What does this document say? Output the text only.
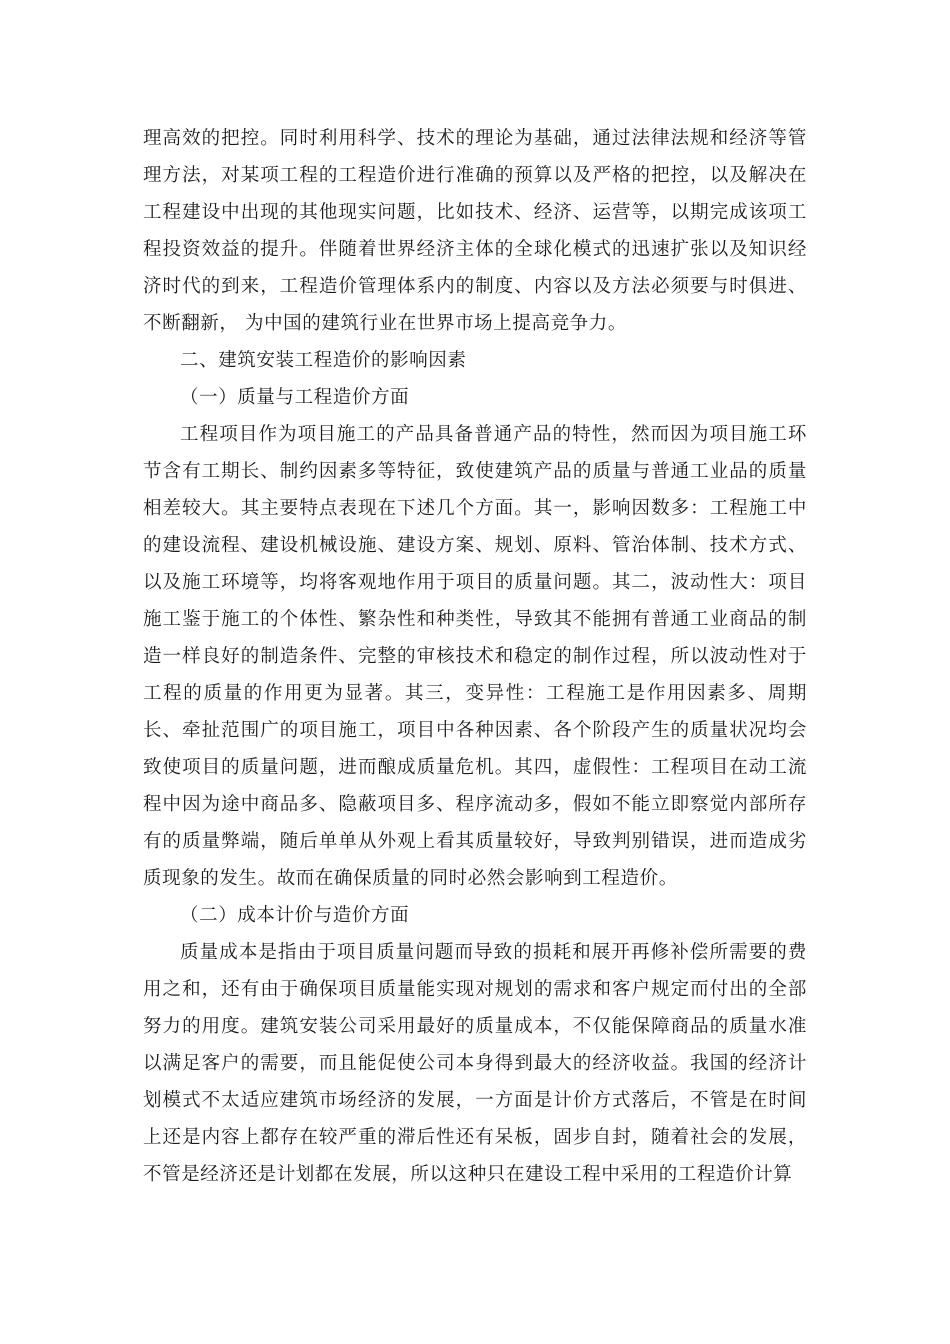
理高效的把控。同时利用科学、技术的理论为基础，通过法律法规和经济等管理方法，对某项工程的工程造价进行准确的预算以及严格的把控，以及解决在工程建设中出现的其他现实问题，比如技术、经济、运营等，以期完成该项工程投资效益的提升。伴随着世界经济主体的全球化模式的迅速扩张以及知识经济时代的到来，工程造价管理体系内的制度、内容以及方法必须要与时俱进、不断翻新， 为中国的建筑行业在世界市场上提高竞争力。

二、建筑安装工程造价的影响因素

（一）质量与工程造价方面

工程项目作为项目施工的产品具备普通产品的特性，然而因为项目施工环节含有工期长、制约因素多等特征，致使建筑产品的质量与普通工业品的质量相差较大。其主要特点表现在下述几个方面。其一，影响因数多：工程施工中的建设流程、建设机械设施、建设方案、规划、原料、管治体制、技术方式、以及施工环境等，均将客观地作用于项目的质量问题。其二，波动性大：项目施工鉴于施工的个体性、繁杂性和种类性，导致其不能拥有普通工业商品的制造一样良好的制造条件、完整的审核技术和稳定的制作过程，所以波动性对于工程的质量的作用更为显著。其三，变异性：工程施工是作用因素多、周期长、牵扯范围广的项目施工，项目中各种因素、各个阶段产生的质量状况均会致使项目的质量问题，进而酿成质量危机。其四，虚假性：工程项目在动工流程中因为途中商品多、隐蔽项目多、程序流动多，假如不能立即察觉内部所存有的质量弊端，随后单单从外观上看其质量较好，导致判别错误，进而造成劣质现象的发生。故而在确保质量的同时必然会影响到工程造价。

（二）成本计价与造价方面

质量成本是指由于项目质量问题而导致的损耗和展开再修补偿所需要的费用之和，还有由于确保项目质量能实现对规划的需求和客户规定而付出的全部努力的用度。建筑安装公司采用最好的质量成本，不仅能保障商品的质量水准以满足客户的需要，而且能促使公司本身得到最大的经济收益。我国的经济计划模式不太适应建筑市场经济的发展，一方面是计价方式落后，不管是在时间上还是内容上都存在较严重的滞后性还有呆板，固步自封，随着社会的发展，不管是经济还是计划都在发展，所以这种只在建设工程中采用的工程造价计算
